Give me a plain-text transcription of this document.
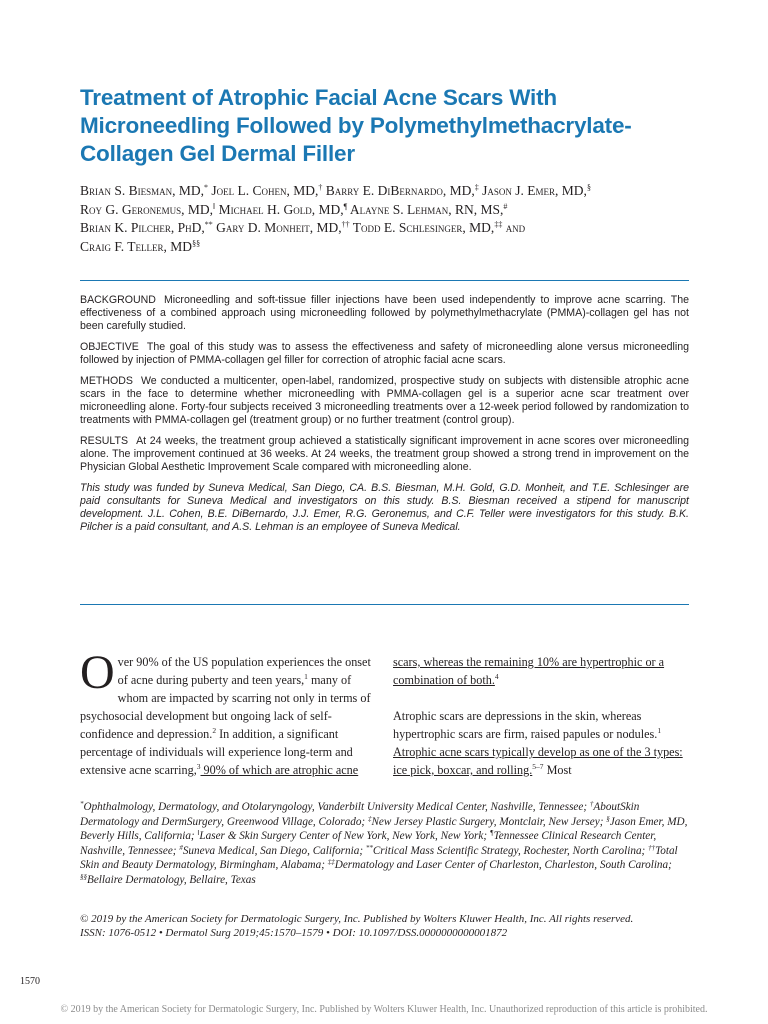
Treatment of Atrophic Facial Acne Scars With Microneedling Followed by Polymethylmethacrylate-Collagen Gel Dermal Filler
Brian S. Biesman, MD,* Joel L. Cohen, MD,† Barry E. DiBernardo, MD,‡ Jason J. Emer, MD,§
Roy G. Geronemus, MD,‖ Michael H. Gold, MD,¶ Alayne S. Lehman, RN, MS,#
Brian K. Pilcher, PhD,** Gary D. Monheit, MD,†† Todd E. Schlesinger, MD,‡‡ and
Craig F. Teller, MD§§

BACKGROUND Microneedling and soft-tissue filler injections have been used independently to improve acne scarring. The effectiveness of a combined approach using microneedling followed by polymethylmethacrylate (PMMA)-collagen gel has not been carefully studied.

OBJECTIVE The goal of this study was to assess the effectiveness and safety of microneedling alone versus microneedling followed by injection of PMMA-collagen gel filler for correction of atrophic facial acne scars.

METHODS We conducted a multicenter, open-label, randomized, prospective study on subjects with distensible atrophic acne scars in the face to determine whether microneedling with PMMA-collagen gel is a superior acne scar treatment over microneedling alone. Forty-four subjects received 3 microneedling treatments over a 12-week period followed by randomization to treatments with PMMA-collagen gel (treatment group) or no further treatment (control group).

RESULTS At 24 weeks, the treatment group achieved a statistically significant improvement in acne scores over microneedling alone. The improvement continued at 36 weeks. At 24 weeks, the treatment group showed a strong trend in improvement on the Physician Global Aesthetic Improvement Scale compared with microneedling alone.

This study was funded by Suneva Medical, San Diego, CA. B.S. Biesman, M.H. Gold, G.D. Monheit, and T.E. Schlesinger are paid consultants for Suneva Medical and investigators on this study. B.S. Biesman received a stipend for manuscript development. J.L. Cohen, B.E. DiBernardo, J.J. Emer, R.G. Geronemus, and C.F. Teller were investigators for this study. B.K. Pilcher is a paid consultant, and A.S. Lehman is an employee of Suneva Medical.

Over 90% of the US population experiences the onset of acne during puberty and teen years,$^1$ many of whom are impacted by scarring not only in terms of psychosocial development but ongoing lack of self-confidence and depression.$^2$ In addition, a significant percentage of individuals will experience long-term and extensive acne scarring,$^3$ 90% of which are atrophic acne

scars, whereas the remaining 10% are hypertrophic or a combination of both.$^4$

Atrophic scars are depressions in the skin, whereas hypertrophic scars are firm, raised papules or nodules.$^1$ Atrophic acne scars typically develop as one of the 3 types: ice pick, boxcar, and rolling.$^{5-7}$ Most

*Ophthalmology, Dermatology, and Otolaryngology, Vanderbilt University Medical Center, Nashville, Tennessee; †AboutSkin Dermatology and DermSurgery, Greenwood Village, Colorado; ‡New Jersey Plastic Surgery, Montclair, New Jersey; §Jason Emer, MD, Beverly Hills, California; ‖Laser & Skin Surgery Center of New York, New York, New York; ¶Tennessee Clinical Research Center, Nashville, Tennessee; #Suneva Medical, San Diego, California; **Critical Mass Scientific Strategy, Rochester, North Carolina; ††Total Skin and Beauty Dermatology, Birmingham, Alabama; ‡‡Dermatology and Laser Center of Charleston, Charleston, South Carolina; §§Bellaire Dermatology, Bellaire, Texas
© 2019 by the American Society for Dermatologic Surgery, Inc. Published by Wolters Kluwer Health, Inc. All rights reserved.
ISSN: 1076-0512 • Dermatol Surg 2019;45:1570–1579 • DOI: 10.1097/DSS.0000000000001872
1570
© 2019 by the American Society for Dermatologic Surgery, Inc. Published by Wolters Kluwer Health, Inc. Unauthorized reproduction of this article is prohibited.
